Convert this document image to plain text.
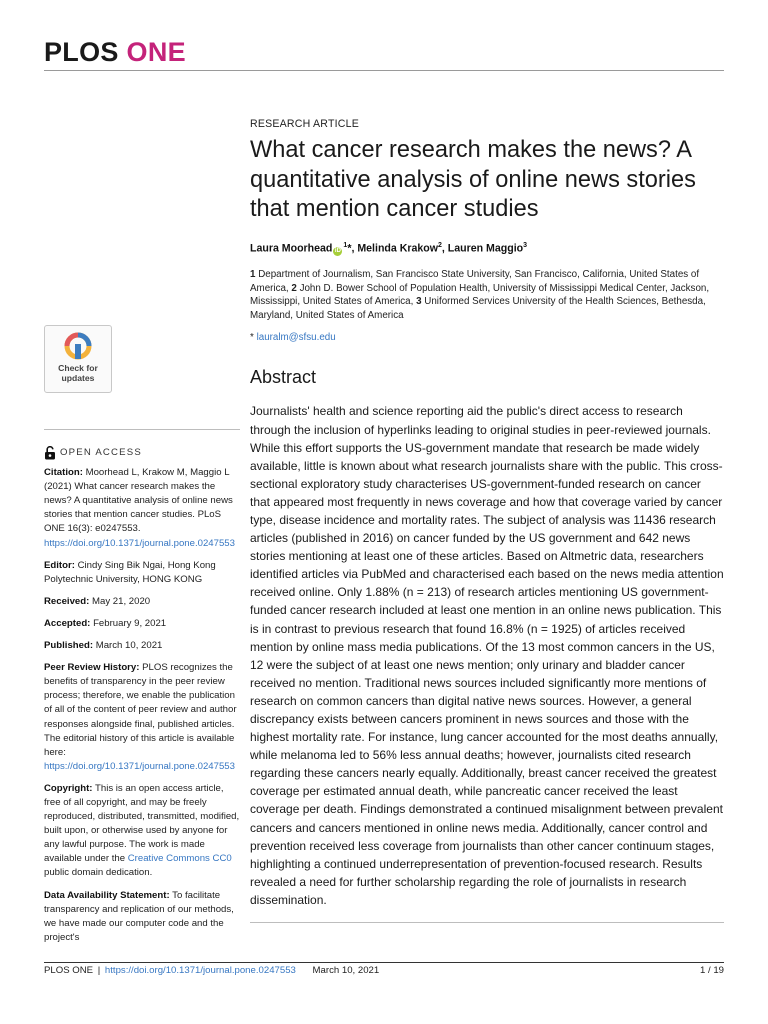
PLOS ONE
Check for
updates
OPEN ACCESS
Citation: Moorhead L, Krakow M, Maggio L (2021) What cancer research makes the news? A quantitative analysis of online news stories that mention cancer studies. PLoS ONE 16(3): e0247553. https://doi.org/10.1371/journal.pone.0247553
Editor: Cindy Sing Bik Ngai, Hong Kong Polytechnic University, HONG KONG
Received: May 21, 2020
Accepted: February 9, 2021
Published: March 10, 2021
Peer Review History: PLOS recognizes the benefits of transparency in the peer review process; therefore, we enable the publication of all of the content of peer review and author responses alongside final, published articles. The editorial history of this article is available here: https://doi.org/10.1371/journal.pone.0247553
Copyright: This is an open access article, free of all copyright, and may be freely reproduced, distributed, transmitted, modified, built upon, or otherwise used by anyone for any lawful purpose. The work is made available under the Creative Commons CC0 public domain dedication.
Data Availability Statement: To facilitate transparency and replication of our methods, we have made our computer code and the project's
RESEARCH ARTICLE
What cancer research makes the news? A quantitative analysis of online news stories that mention cancer studies
Laura Moorhead $iD^1*$, Melinda Krakow$^2$, Lauren Maggio$^3$
1 Department of Journalism, San Francisco State University, San Francisco, California, United States of America, 2 John D. Bower School of Population Health, University of Mississippi Medical Center, Jackson, Mississippi, United States of America, 3 Uniformed Services University of the Health Sciences, Bethesda, Maryland, United States of America
* lauralm@sfsu.edu
Abstract
Journalists' health and science reporting aid the public's direct access to research through the inclusion of hyperlinks leading to original studies in peer-reviewed journals. While this effort supports the US-government mandate that research be made widely available, little is known about what research journalists share with the public. This cross-sectional exploratory study characterises US-government-funded research on cancer that appeared most frequently in news coverage and how that coverage varied by cancer type, disease incidence and mortality rates. The subject of analysis was 11436 research articles (published in 2016) on cancer funded by the US government and 642 news stories mentioning at least one of these articles. Based on Altmetric data, researchers identified articles via PubMed and characterised each based on the news media attention received online. Only 1.88% (n = 213) of research articles mentioning US government-funded cancer research included at least one mention in an online news publication. This is in contrast to previous research that found 16.8% (n = 1925) of articles received mention by online mass media publications. Of the 13 most common cancers in the US, 12 were the subject of at least one news mention; only urinary and bladder cancer received no mention. Traditional news sources included significantly more mentions of research on common cancers than digital native news sources. However, a general discrepancy exists between cancers prominent in news sources and those with the highest mortality rate. For instance, lung cancer accounted for the most deaths annually, while melanoma led to 56% less annual deaths; however, journalists cited research regarding these cancers nearly equally. Additionally, breast cancer received the greatest coverage per estimated annual death, while pancreatic cancer received the least coverage per death. Findings demonstrated a continued misalignment between prevalent cancers and cancers mentioned in online news media. Additionally, cancer control and prevention received less coverage from journalists than other cancer continuum stages, highlighting a continued underrepresentation of prevention-focused research. Results revealed a need for further scholarship regarding the role of journalists in research dissemination.
PLOS ONE | https://doi.org/10.1371/journal.pone.0247553 March 10, 2021	1 / 19
